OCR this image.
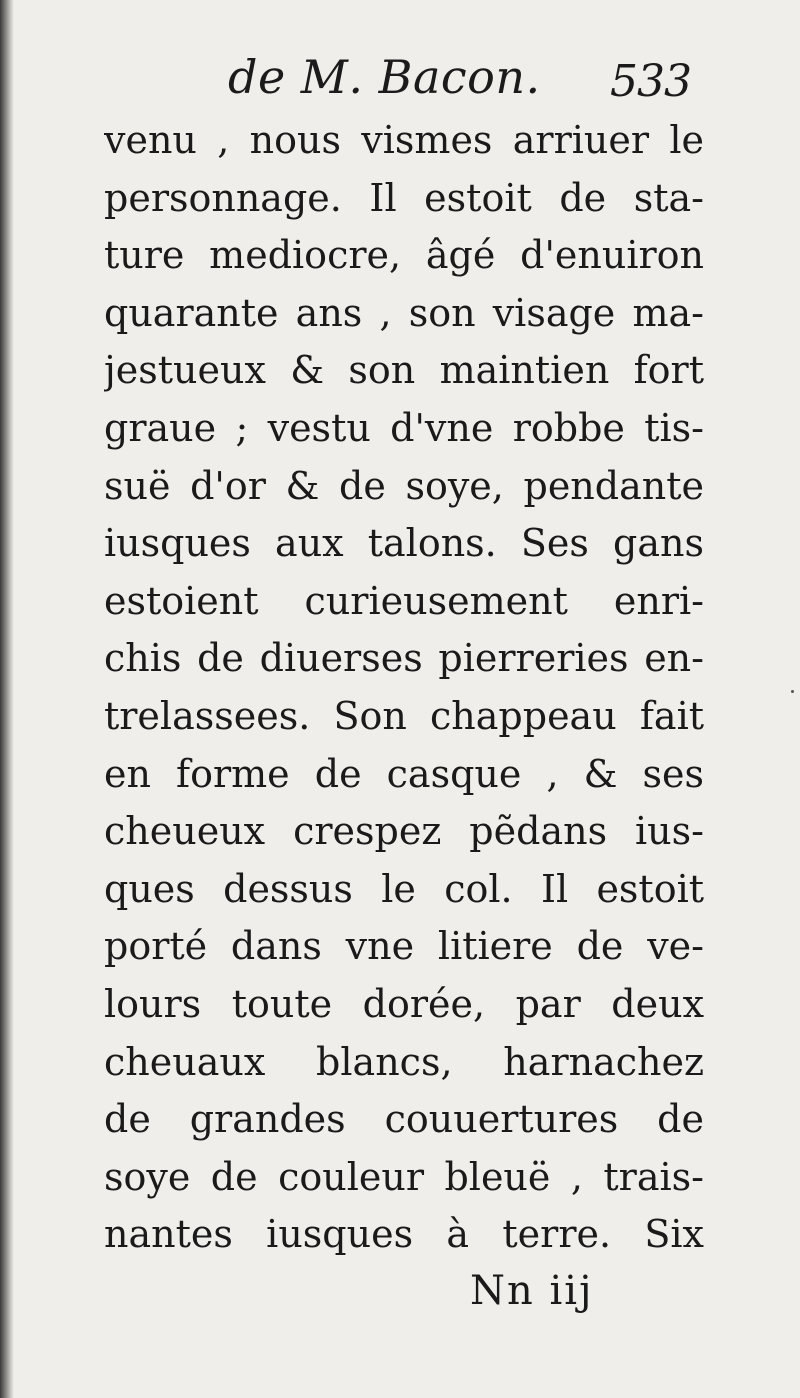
de M. Bacon. 533
venu , nous vismes arriuer le
personnage. Il estoit de sta-
ture mediocre, âgé d'enuiron
quarante ans , son visage ma-
jestueux & son maintien fort
graue ; vestu d'vne robbe tis-
suë d'or & de soye, pendante
iusques aux talons. Ses gans
estoient curieusement enri-
chis de diuerses pierreries en-
trelassees. Son chappeau fait
en forme de casque , & ses
cheueux crespez pẽdans ius-
ques dessus le col. Il estoit
porté dans vne litiere de ve-
lours toute dorée, par deux
cheuaux blancs, harnachez
de grandes couuertures de
soye de couleur bleuë , trais-
nantes iusques à terre. Six
Nn iij
